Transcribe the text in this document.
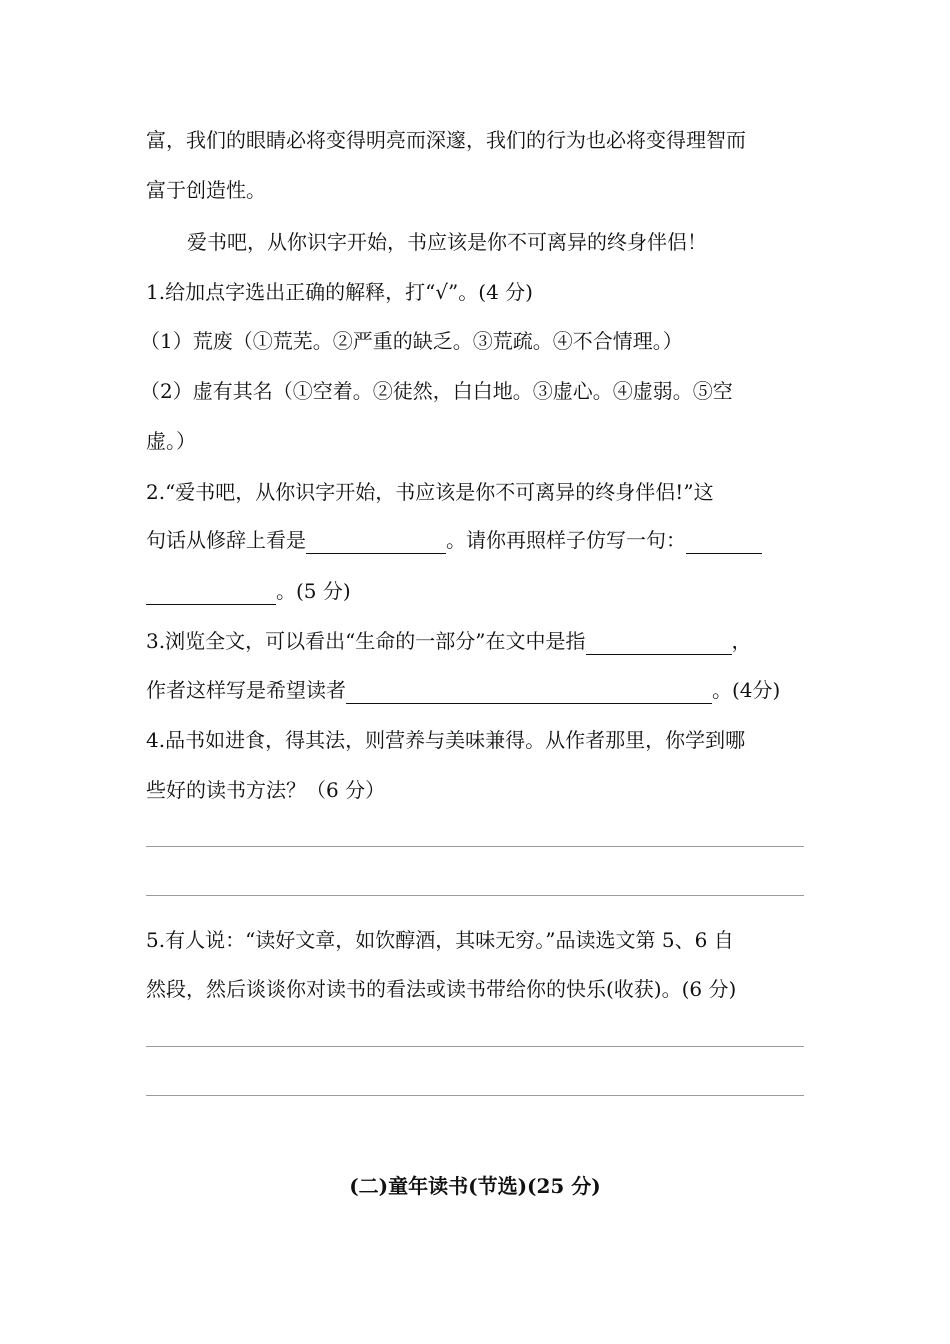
富，我们的眼睛必将变得明亮而深邃，我们的行为也必将变得理智而
富于创造性。
爱书吧，从你识字开始，书应该是你不可离异的终身伴侣！
1.给加点字选出正确的解释，打“√”。(4 分)
（1）荒废（①荒芜。②严重的缺乏。③荒疏。④不合情理。）
（2）虚有其名（①空着。②徒然，白白地。③虚心。④虚弱。⑤空
虚。）
2.“爱书吧，从你识字开始，书应该是你不可离异的终身伴侣!”这
句话从修辞上看是	。请你再照样子仿写一句：
。(5 分)
3.浏览全文，可以看出“生命的一部分”在文中是指	，
作者这样写是希望读者	。(4分)
4.品书如进食，得其法，则营养与美味兼得。从作者那里，你学到哪
些好的读书方法？（6 分）
5.有人说：“读好文章，如饮醇酒，其味无穷。”品读选文第 5、6 自
然段，然后谈谈你对读书的看法或读书带给你的快乐(收获)。(6 分)
(二)童年读书(节选)(25 分)
